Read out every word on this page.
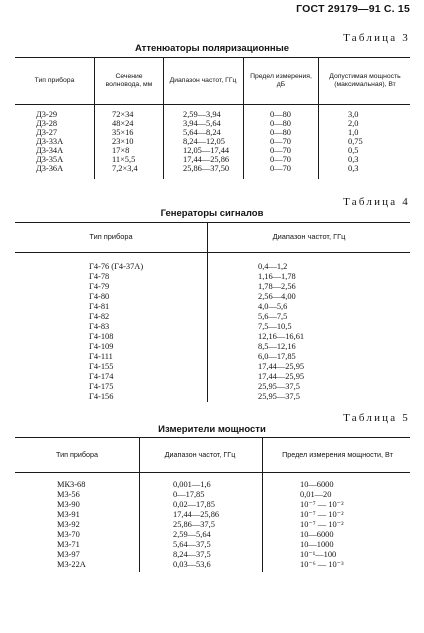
ГОСТ 29179—91 С. 15
Таблица 3
Аттенюаторы поляризационные
Тип прибора
Сечение волновода, мм
Диапазон частот, ГГц
Предел измерения, дБ
Допустимая мощность (максимальная), Вт
Д3-29	72×34	2,59—3,94	0—80	3,0
Д3-28	48×24	3,94—5,64	0—80	2,0
Д3-27	35×16	5,64—8,24	0—80	1,0
Д3-33А	23×10	8,24—12,05	0—70	0,75
Д3-34А	17×8	12,05—17,44	0—70	0,5
Д3-35А	11×5,5	17,44—25,86	0—70	0,3
Д3-36А	7,2×3,4	25,86—37,50	0—70	0,3
Таблица 4
Генераторы сигналов
Тип прибора	Диапазон частот, ГГц
Г4-76 (Г4-37А)	0,4—1,2
Г4-78	1,16—1,78
Г4-79	1,78—2,56
Г4-80	2,56—4,00
Г4-81	4,0—5,6
Г4-82	5,6—7,5
Г4-83	7,5—10,5
Г4-108	12,16—16,61
Г4-109	8,5—12,16
Г4-111	6,0—17,85
Г4-155	17,44—25,95
Г4-174	17,44—25,95
Г4-175	25,95—37,5
Г4-156	25,95—37,5
Таблица 5
Измерители мощности
Тип прибора	Диапазон частот, ГГц	Предел измерения мощности, Вт
МК3-68	0,001—1,6	10—6000
М3-56	0—17,85	0,01—20
М3-90	0,02—17,85	10⁻⁷ — 10⁻²
М3-91	17,44—25,86	10⁻⁷ — 10⁻²
М3-92	25,86—37,5	10⁻⁷ — 10⁻²
М3-70	2,59—5,64	10—6000
М3-71	5,64—37,5	10—1000
М3-97	8,24—37,5	10⁻¹—100
М3-22А	0,03—53,6	10⁻⁶ — 10⁻³
